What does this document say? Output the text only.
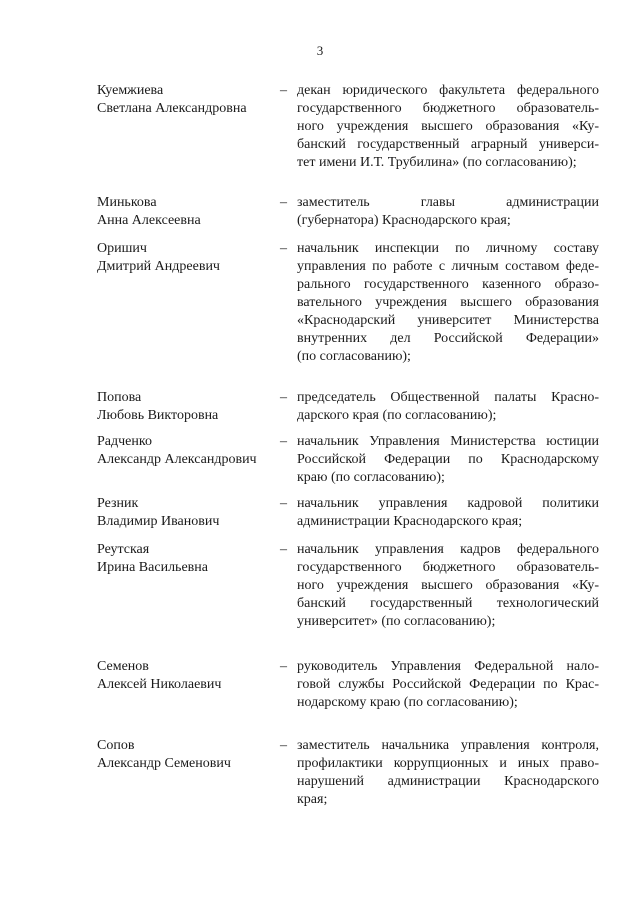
3
Куемжиева
Светлана Александровна
– декан юридического факультета федерального
государственного бюджетного образователь-
ного учреждения высшего образования «Ку-
банский государственный аграрный универси-
тет имени И.Т. Трубилина» (по согласованию);
Минькова
Анна Алексеевна
– заместитель главы администрации
(губернатора) Краснодарского края;
Оришич
Дмитрий Андреевич
– начальник инспекции по личному составу
управления по работе с личным составом феде-
рального государственного казенного образо-
вательного учреждения высшего образования
«Краснодарский университет Министерства
внутренних дел Российской Федерации»
(по согласованию);
Попова
Любовь Викторовна
– председатель Общественной палаты Красно-
дарского края (по согласованию);
Радченко
Александр Александрович
– начальник Управления Министерства юстиции
Российской Федерации по Краснодарскому
краю (по согласованию);
Резник
Владимир Иванович
– начальник управления кадровой политики
администрации Краснодарского края;
Реутская
Ирина Васильевна
– начальник управления кадров федерального
государственного бюджетного образователь-
ного учреждения высшего образования «Ку-
банский государственный технологический
университет» (по согласованию);
Семенов
Алексей Николаевич
– руководитель Управления Федеральной нало-
говой службы Российской Федерации по Крас-
нодарскому краю (по согласованию);
Сопов
Александр Семенович
– заместитель начальника управления контроля,
профилактики коррупционных и иных право-
нарушений администрации Краснодарского
края;
